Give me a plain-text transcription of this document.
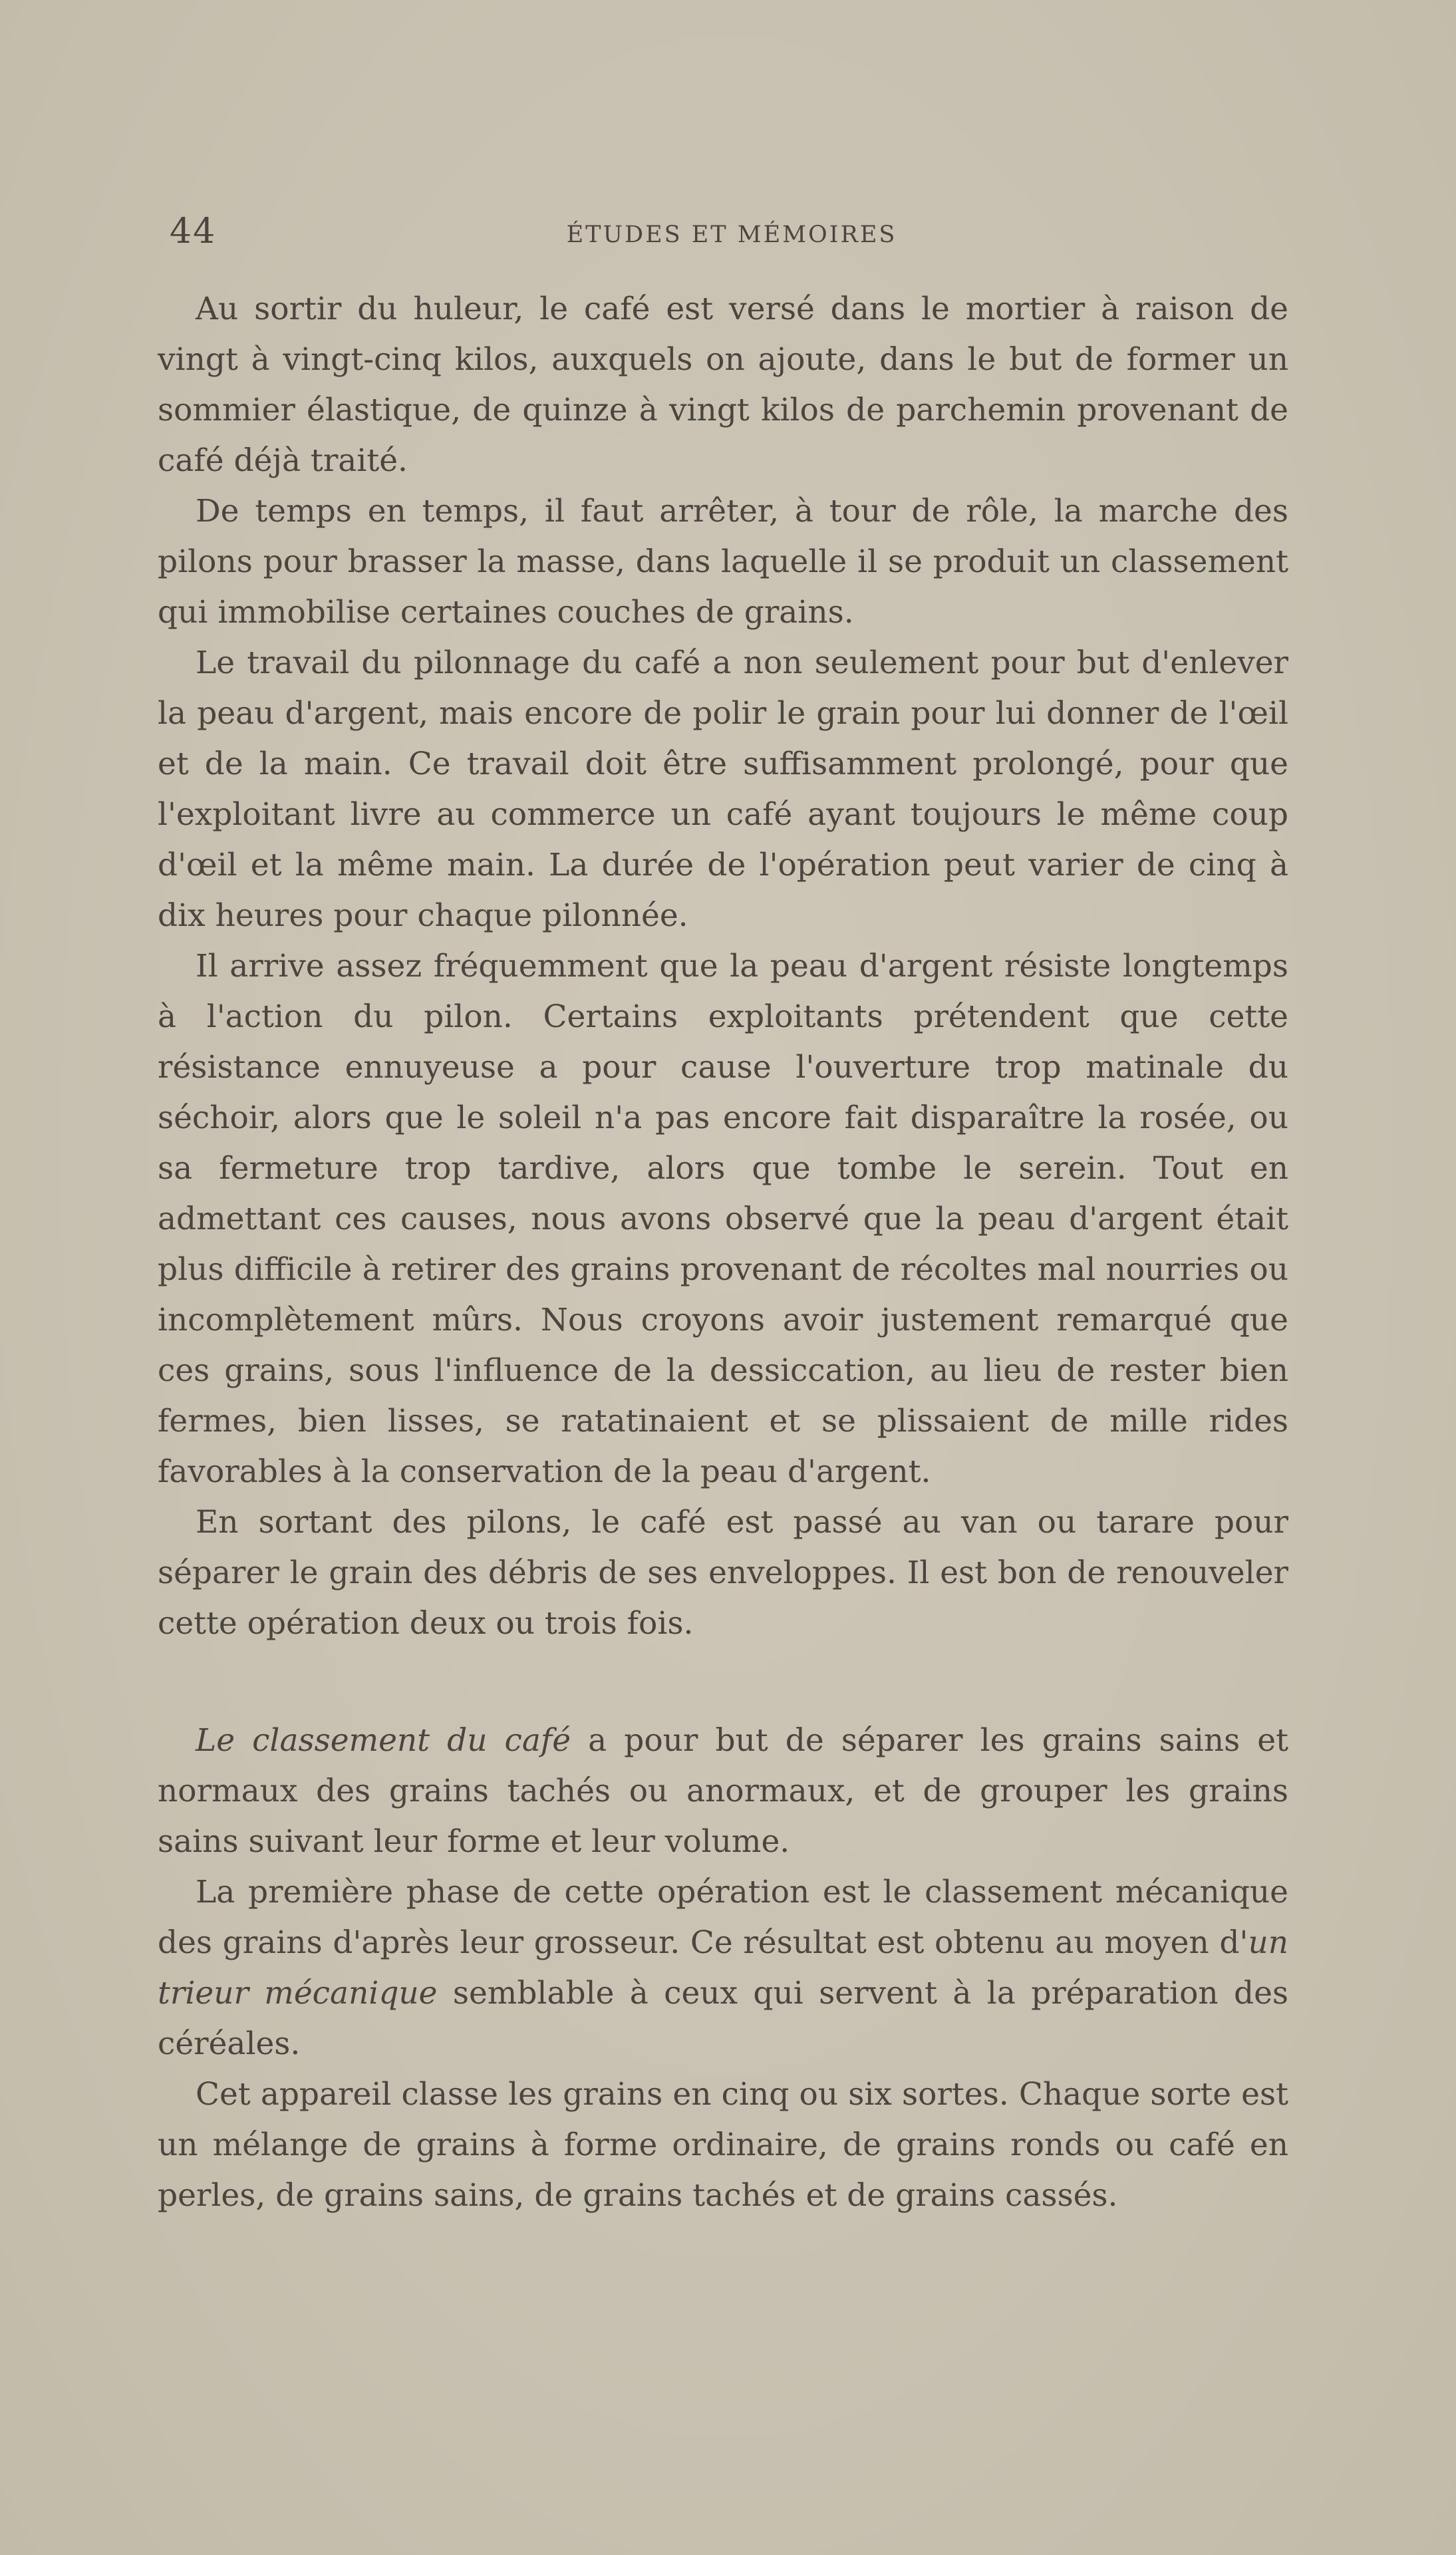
44	ÉTUDES ET MÉMOIRES

Au sortir du huleur, le café est versé dans le mortier à raison de vingt à vingt-cinq kilos, auxquels on ajoute, dans le but de former un sommier élastique, de quinze à vingt kilos de parchemin provenant de café déjà traité.

De temps en temps, il faut arrêter, à tour de rôle, la marche des pilons pour brasser la masse, dans laquelle il se produit un classement qui immobilise certaines couches de grains.

Le travail du pilonnage du café a non seulement pour but d'enlever la peau d'argent, mais encore de polir le grain pour lui donner de l'œil et de la main. Ce travail doit être suffisamment prolongé, pour que l'exploitant livre au commerce un café ayant toujours le même coup d'œil et la même main. La durée de l'opération peut varier de cinq à dix heures pour chaque pilonnée.

Il arrive assez fréquemment que la peau d'argent résiste longtemps à l'action du pilon. Certains exploitants prétendent que cette résistance ennuyeuse a pour cause l'ouverture trop matinale du séchoir, alors que le soleil n'a pas encore fait disparaître la rosée, ou sa fermeture trop tardive, alors que tombe le serein. Tout en admettant ces causes, nous avons observé que la peau d'argent était plus difficile à retirer des grains provenant de récoltes mal nourries ou incomplètement mûrs. Nous croyons avoir justement remarqué que ces grains, sous l'influence de la dessiccation, au lieu de rester bien fermes, bien lisses, se ratatinaient et se plissaient de mille rides favorables à la conservation de la peau d'argent.

En sortant des pilons, le café est passé au van ou tarare pour séparer le grain des débris de ses enveloppes. Il est bon de renouveler cette opération deux ou trois fois.

Le classement du café a pour but de séparer les grains sains et normaux des grains tachés ou anormaux, et de grouper les grains sains suivant leur forme et leur volume.

La première phase de cette opération est le classement mécanique des grains d'après leur grosseur. Ce résultat est obtenu au moyen d'un trieur mécanique semblable à ceux qui servent à la préparation des céréales.

Cet appareil classe les grains en cinq ou six sortes. Chaque sorte est un mélange de grains à forme ordinaire, de grains ronds ou café en perles, de grains sains, de grains tachés et de grains cassés.
